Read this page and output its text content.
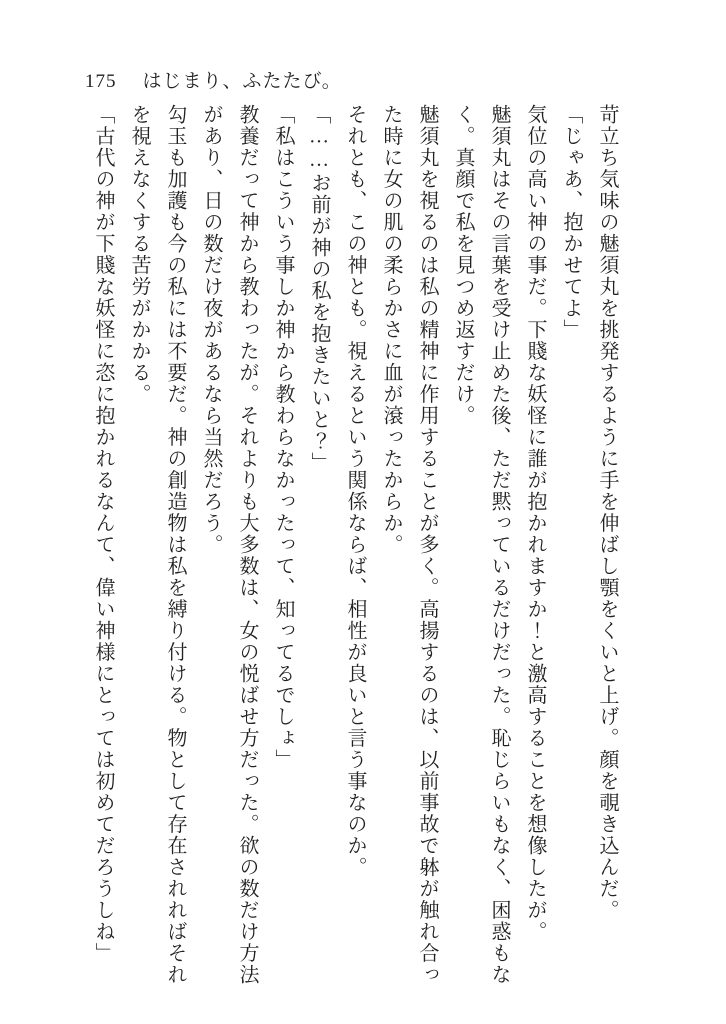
175 はじまり、ふたたび。

苛立ち気味の魅須丸を挑発するように手を伸ばし顎をくいと上げ。顔を覗き込んだ。

「じゃあ、抱かせてよ」

気位の高い神の事だ。下賤な妖怪に誰が抱かれますか！と激高することを想像したが。

魅須丸はその言葉を受け止めた後、ただ黙っているだけだった。恥じらいもなく、困惑もなく。真顔で私を見つめ返すだけ。

魅須丸を視るのは私の精神に作用することが多く。高揚するのは、以前事故で躰が触れ合った時に女の肌の柔らかさに血が滾ったからか。

それとも、この神とも。視えるという関係ならば、相性が良いと言う事なのか。

「……お前が神の私を抱きたいと？」

「私はこういう事しか神から教わらなかったって、知ってるでしょ」

教養だって神から教わったが。それよりも大多数は、女の悦ばせ方だった。欲の数だけ方法があり、日の数だけ夜があるなら当然だろう。

勾玉も加護も今の私には不要だ。神の創造物は私を縛り付ける。物として存在されればそれを視えなくする苦労がかかる。

「古代の神が下賤な妖怪に恣に抱かれるなんて、偉い神様にとっては初めてだろうしね」
